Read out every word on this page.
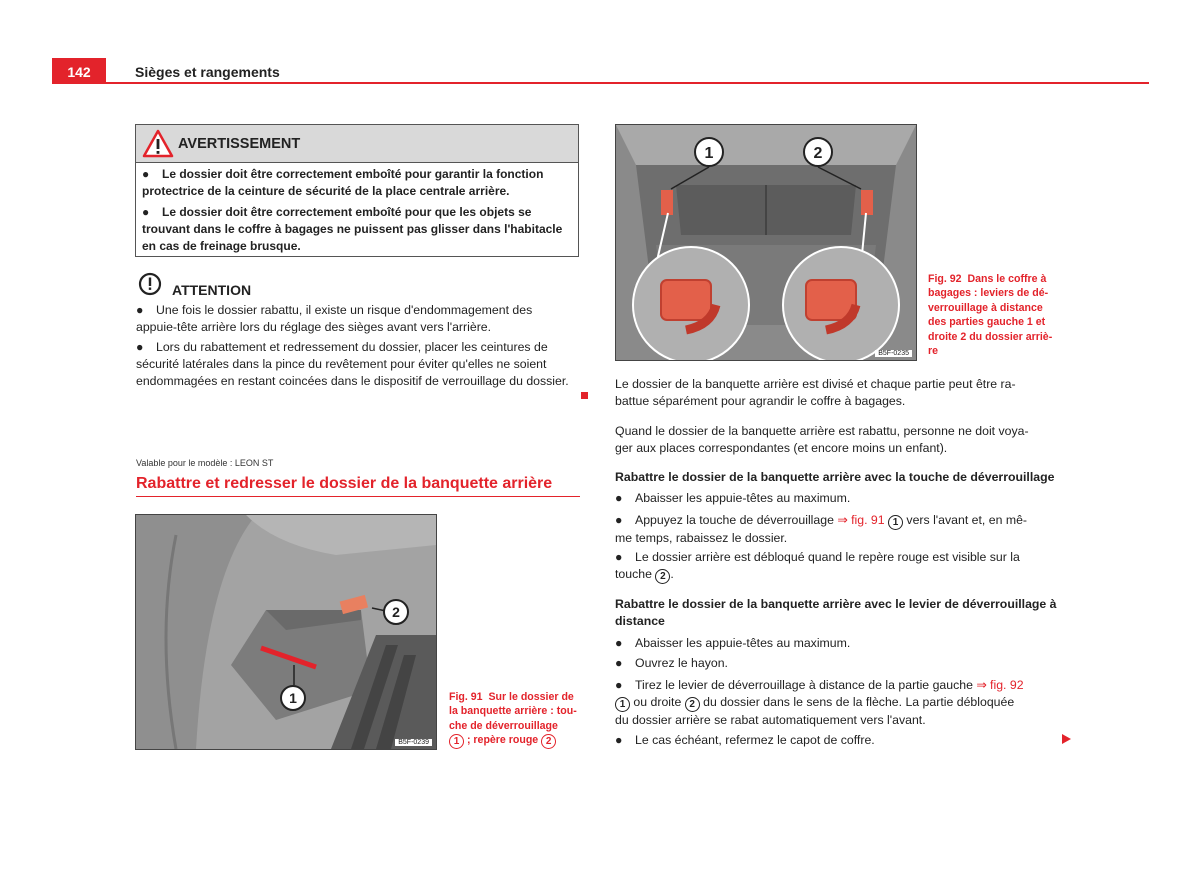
142	Sièges et rangements
AVERTISSEMENT
● Le dossier doit être correctement emboîté pour garantir la fonction protectrice de la ceinture de sécurité de la place centrale arrière.
● Le dossier doit être correctement emboîté pour que les objets se trouvant dans le coffre à bagages ne puissent pas glisser dans l'habitacle en cas de freinage brusque.
ATTENTION
● Une fois le dossier rabattu, il existe un risque d'endommagement des appuie-tête arrière lors du réglage des sièges avant vers l'arrière.
● Lors du rabattement et redressement du dossier, placer les ceintures de sécurité latérales dans la pince du revêtement pour éviter qu'elles ne soient endommagées en restant coincées dans le dispositif de verrouillage du dossier.
Valable pour le modèle : LEON ST
Rabattre et redresser le dossier de la banquette arrière
2
1
B5F-0239
Fig. 91 Sur le dossier de
la banquette arrière : tou-
che de déverrouillage
1 ; repère rouge 2
1	2
B5F-0235
Fig. 92 Dans le coffre à
bagages : leviers de dé-
verrouillage à distance
des parties gauche 1 et
droite 2 du dossier arriè-
re
Le dossier de la banquette arrière est divisé et chaque partie peut être ra-
battue séparément pour agrandir le coffre à bagages.
Quand le dossier de la banquette arrière est rabattu, personne ne doit voya-
ger aux places correspondantes (et encore moins un enfant).
Rabattre le dossier de la banquette arrière avec la touche de déverrouillage
● Abaisser les appuie-têtes au maximum.
● Appuyez la touche de déverrouillage ⇒ fig. 91 1 vers l'avant et, en mê-
me temps, rabaissez le dossier.
● Le dossier arrière est débloqué quand le repère rouge est visible sur la
touche 2 .
Rabattre le dossier de la banquette arrière avec le levier de déverrouillage à
distance
● Abaisser les appuie-têtes au maximum.
● Ouvrez le hayon.
● Tirez le levier de déverrouillage à distance de la partie gauche ⇒ fig. 92
1 ou droite 2 du dossier dans le sens de la flèche. La partie débloquée
du dossier arrière se rabat automatiquement vers l'avant.
● Le cas échéant, refermez le capot de coffre.
